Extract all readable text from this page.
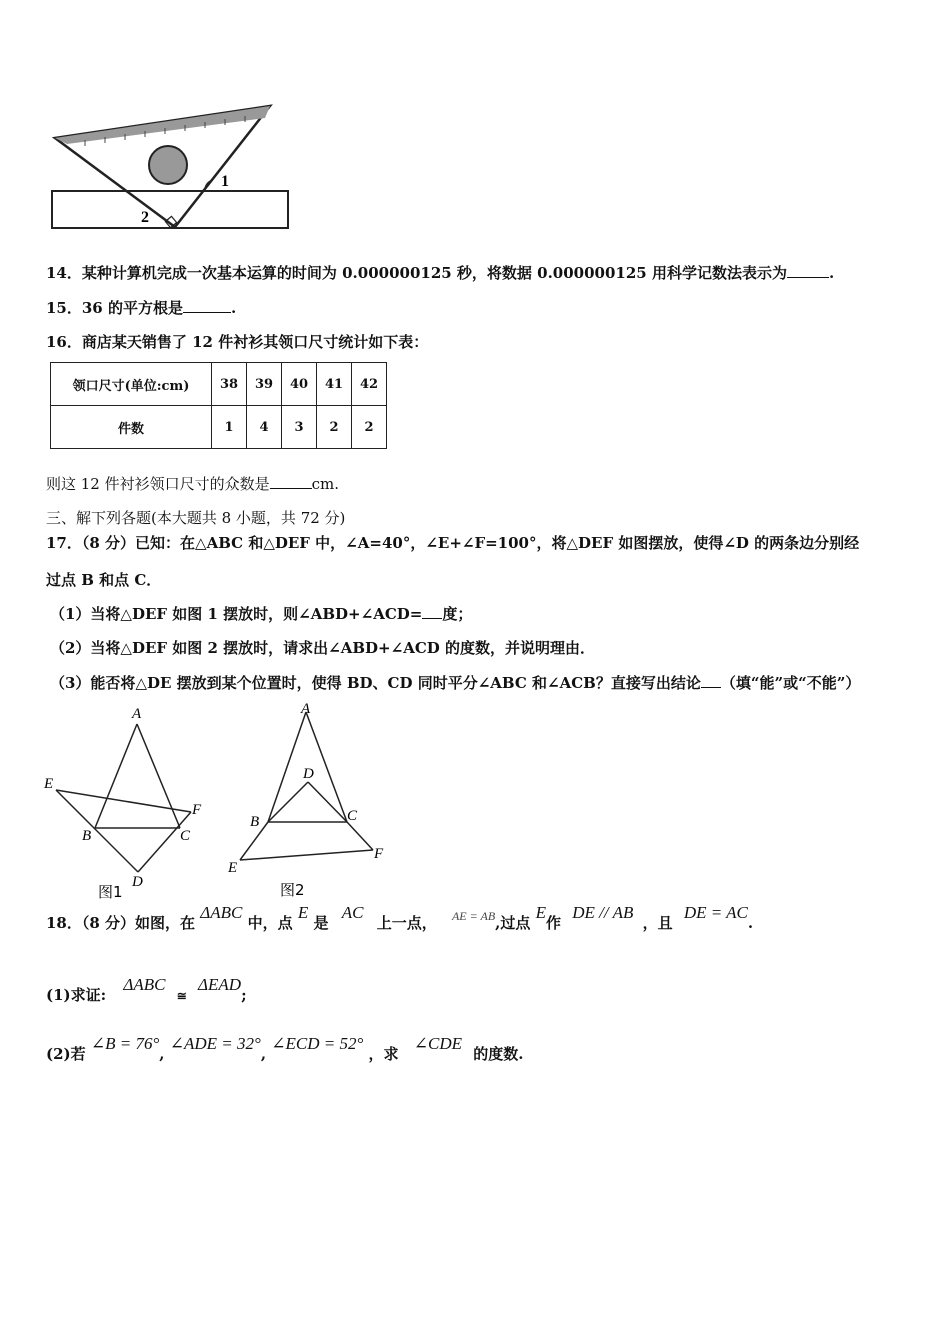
1
2
14．某种计算机完成一次基本运算的时间为 0.000000125 秒，将数据 0.000000125 用科学记数法表示为	.
15．36 的平方根是	.
16．商店某天销售了 12 件衬衫其领口尺寸统计如下表：
领口尺寸(单位:cm)	38	39	40	41	42
件数	1	4	3	2	2
则这 12 件衬衫领口尺寸的众数是	cm.
三、解下列各题(本大题共 8 小题，共 72 分)
17．（8 分）已知：在△ABC 和△DEF 中，∠A=40°，∠E+∠F=100°，将△DEF 如图摆放，使得∠D 的两条边分别经
过点 B 和点 C．
（1）当将△DEF 如图 1 摆放时，则∠ABD+∠ACD= 度；
（2）当将△DEF 如图 2 摆放时，请求出∠ABD+∠ACD 的度数，并说明理由．
（3）能否将△DE 摆放到某个位置时，使得 BD、CD 同时平分∠ABC 和∠ACB？直接写出结论 （填“能”或“不能”）
A
E
F
B	C
D
图1
A
D
B	C
F
E
图2
18．（8 分）如图，在 ΔABC 中，点 E 是 AC 上一点， $^{AE = AB}$,过点 E作 DE // AB ，且 DE = AC.
(1)求证: ΔABC ≅ ΔEAD;
(2)若 ∠B = 76°, ∠ADE = 32°, ∠ECD = 52° ，求 ∠CDE 的度数.
